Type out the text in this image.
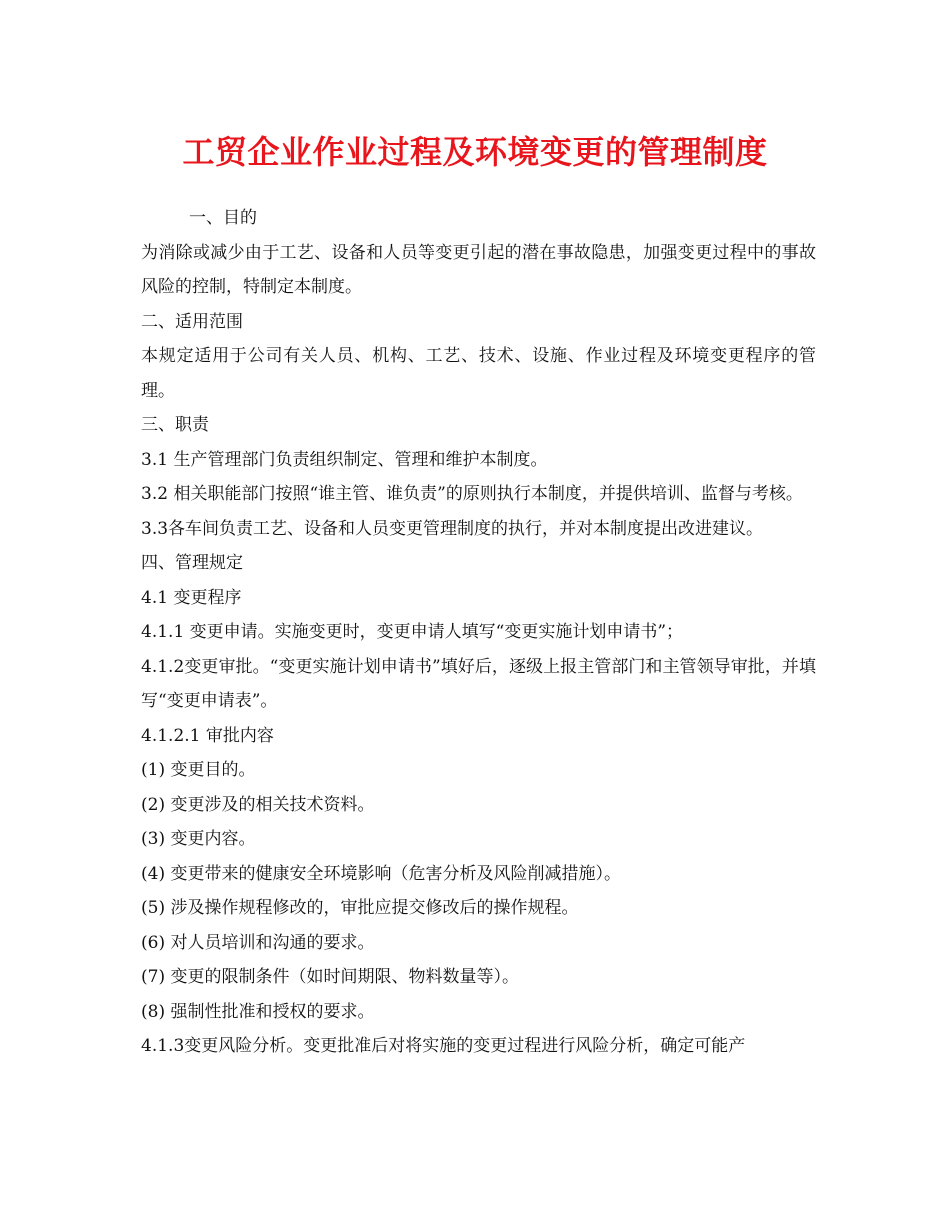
工贸企业作业过程及环境变更的管理制度

一、目的

为消除或减少由于工艺、设备和人员等变更引起的潜在事故隐患，加强变更过程中的事故风险的控制，特制定本制度。

二、适用范围

本规定适用于公司有关人员、机构、工艺、技术、设施、作业过程及环境变更程序的管理。

三、职责

3.1 生产管理部门负责组织制定、管理和维护本制度。

3.2 相关职能部门按照“谁主管、谁负责”的原则执行本制度，并提供培训、监督与考核。

3.3各车间负责工艺、设备和人员变更管理制度的执行，并对本制度提出改进建议。

四、管理规定

4.1 变更程序

4.1.1 变更申请。实施变更时，变更申请人填写“变更实施计划申请书”；

4.1.2变更审批。“变更实施计划申请书”填好后，逐级上报主管部门和主管领导审批，并填写“变更申请表”。

4.1.2.1 审批内容

(1) 变更目的。

(2) 变更涉及的相关技术资料。

(3) 变更内容。

(4) 变更带来的健康安全环境影响（危害分析及风险削减措施）。

(5) 涉及操作规程修改的，审批应提交修改后的操作规程。

(6) 对人员培训和沟通的要求。

(7) 变更的限制条件（如时间期限、物料数量等）。

(8) 强制性批准和授权的要求。

4.1.3变更风险分析。变更批准后对将实施的变更过程进行风险分析，确定可能产
